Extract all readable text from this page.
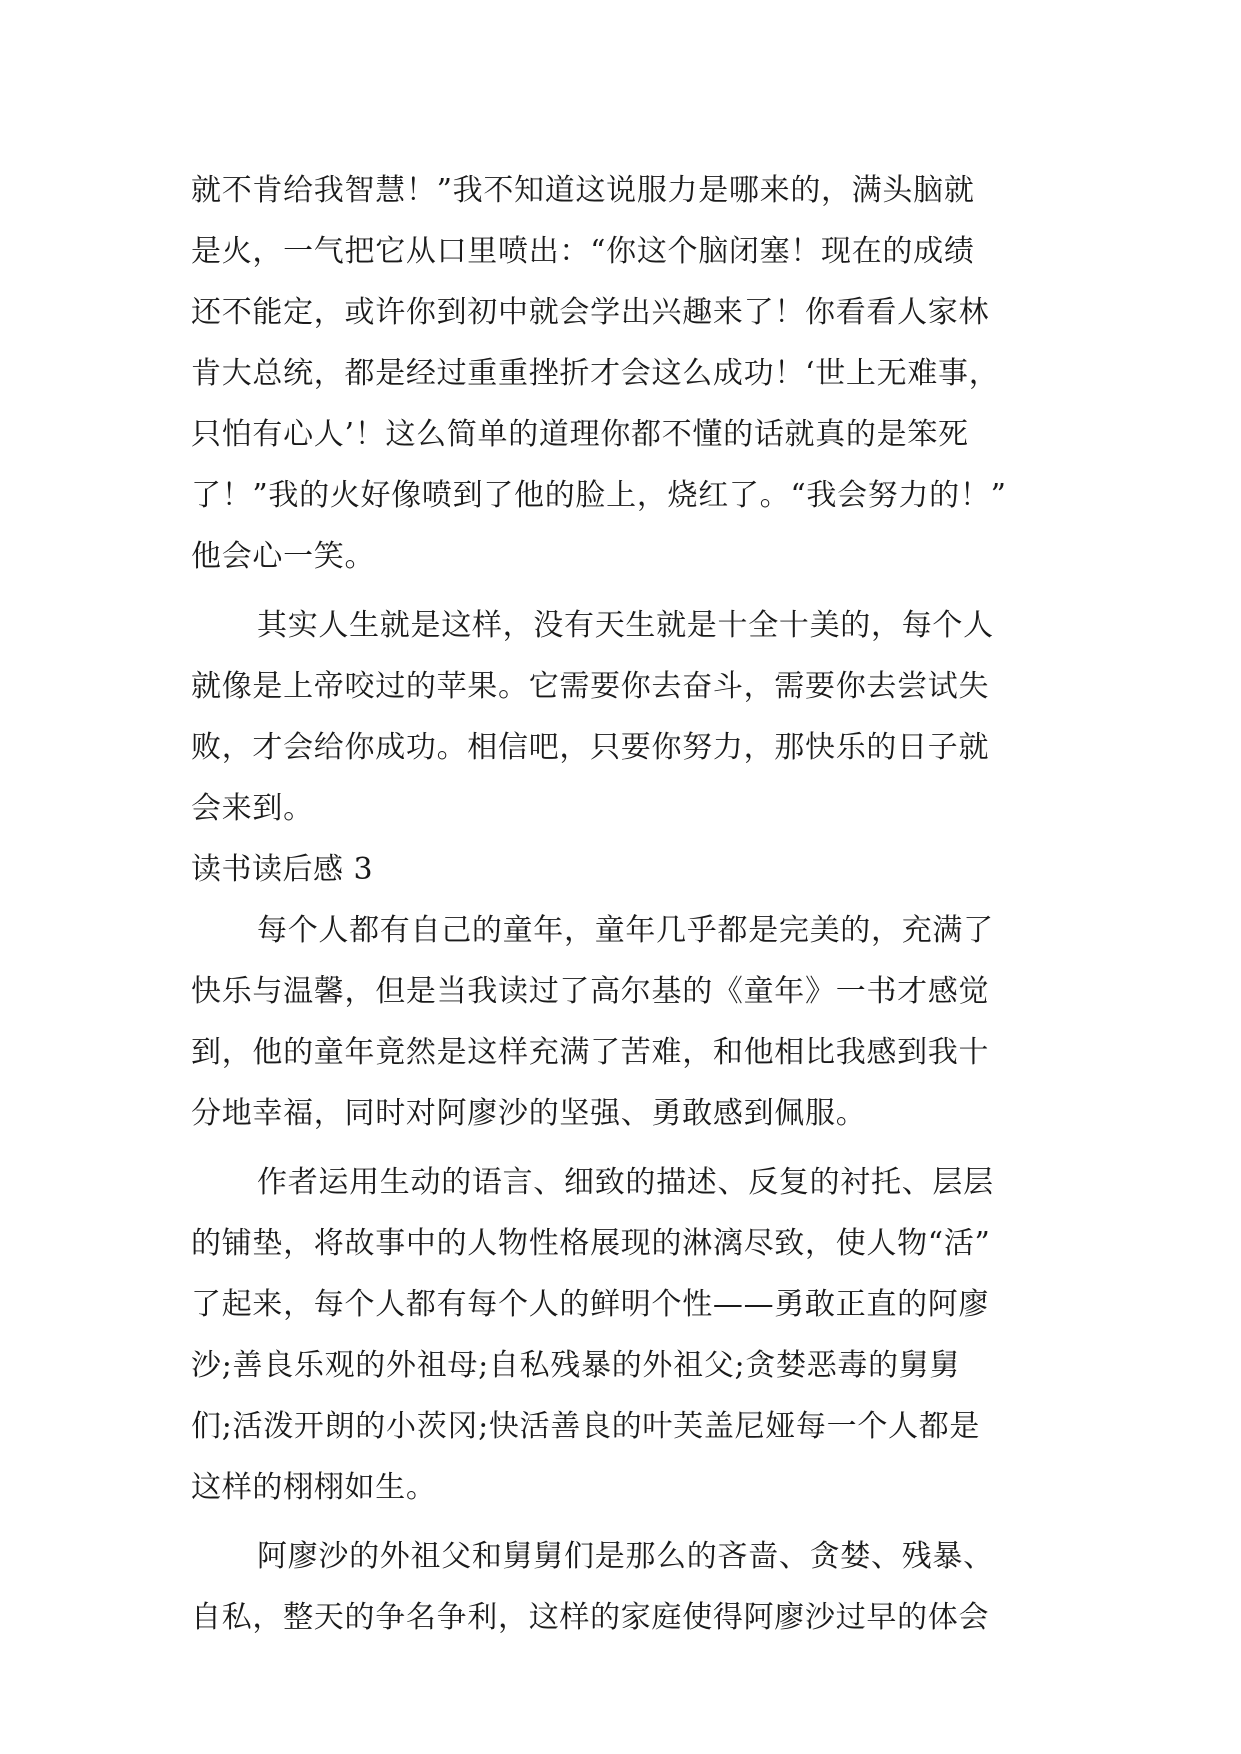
就不肯给我智慧！”我不知道这说服力是哪来的，满头脑就
是火，一气把它从口里喷出：“你这个脑闭塞！现在的成绩
还不能定，或许你到初中就会学出兴趣来了！你看看人家林
肯大总统，都是经过重重挫折才会这么成功！‘世上无难事，
只怕有心人’！这么简单的道理你都不懂的话就真的是笨死
了！”我的火好像喷到了他的脸上，烧红了。“我会努力的！”
他会心一笑。
其实人生就是这样，没有天生就是十全十美的，每个人
就像是上帝咬过的苹果。它需要你去奋斗，需要你去尝试失
败，才会给你成功。相信吧，只要你努力，那快乐的日子就
会来到。
读书读后感 3
每个人都有自己的童年，童年几乎都是完美的，充满了
快乐与温馨，但是当我读过了高尔基的《童年》一书才感觉
到，他的童年竟然是这样充满了苦难，和他相比我感到我十
分地幸福，同时对阿廖沙的坚强、勇敢感到佩服。
作者运用生动的语言、细致的描述、反复的衬托、层层
的铺垫，将故事中的人物性格展现的淋漓尽致，使人物“活”
了起来，每个人都有每个人的鲜明个性——勇敢正直的阿廖
沙;善良乐观的外祖母;自私残暴的外祖父;贪婪恶毒的舅舅
们;活泼开朗的小茨冈;快活善良的叶芙盖尼娅每一个人都是
这样的栩栩如生。
阿廖沙的外祖父和舅舅们是那么的吝啬、贪婪、残暴、
自私，整天的争名争利，这样的家庭使得阿廖沙过早的体会
